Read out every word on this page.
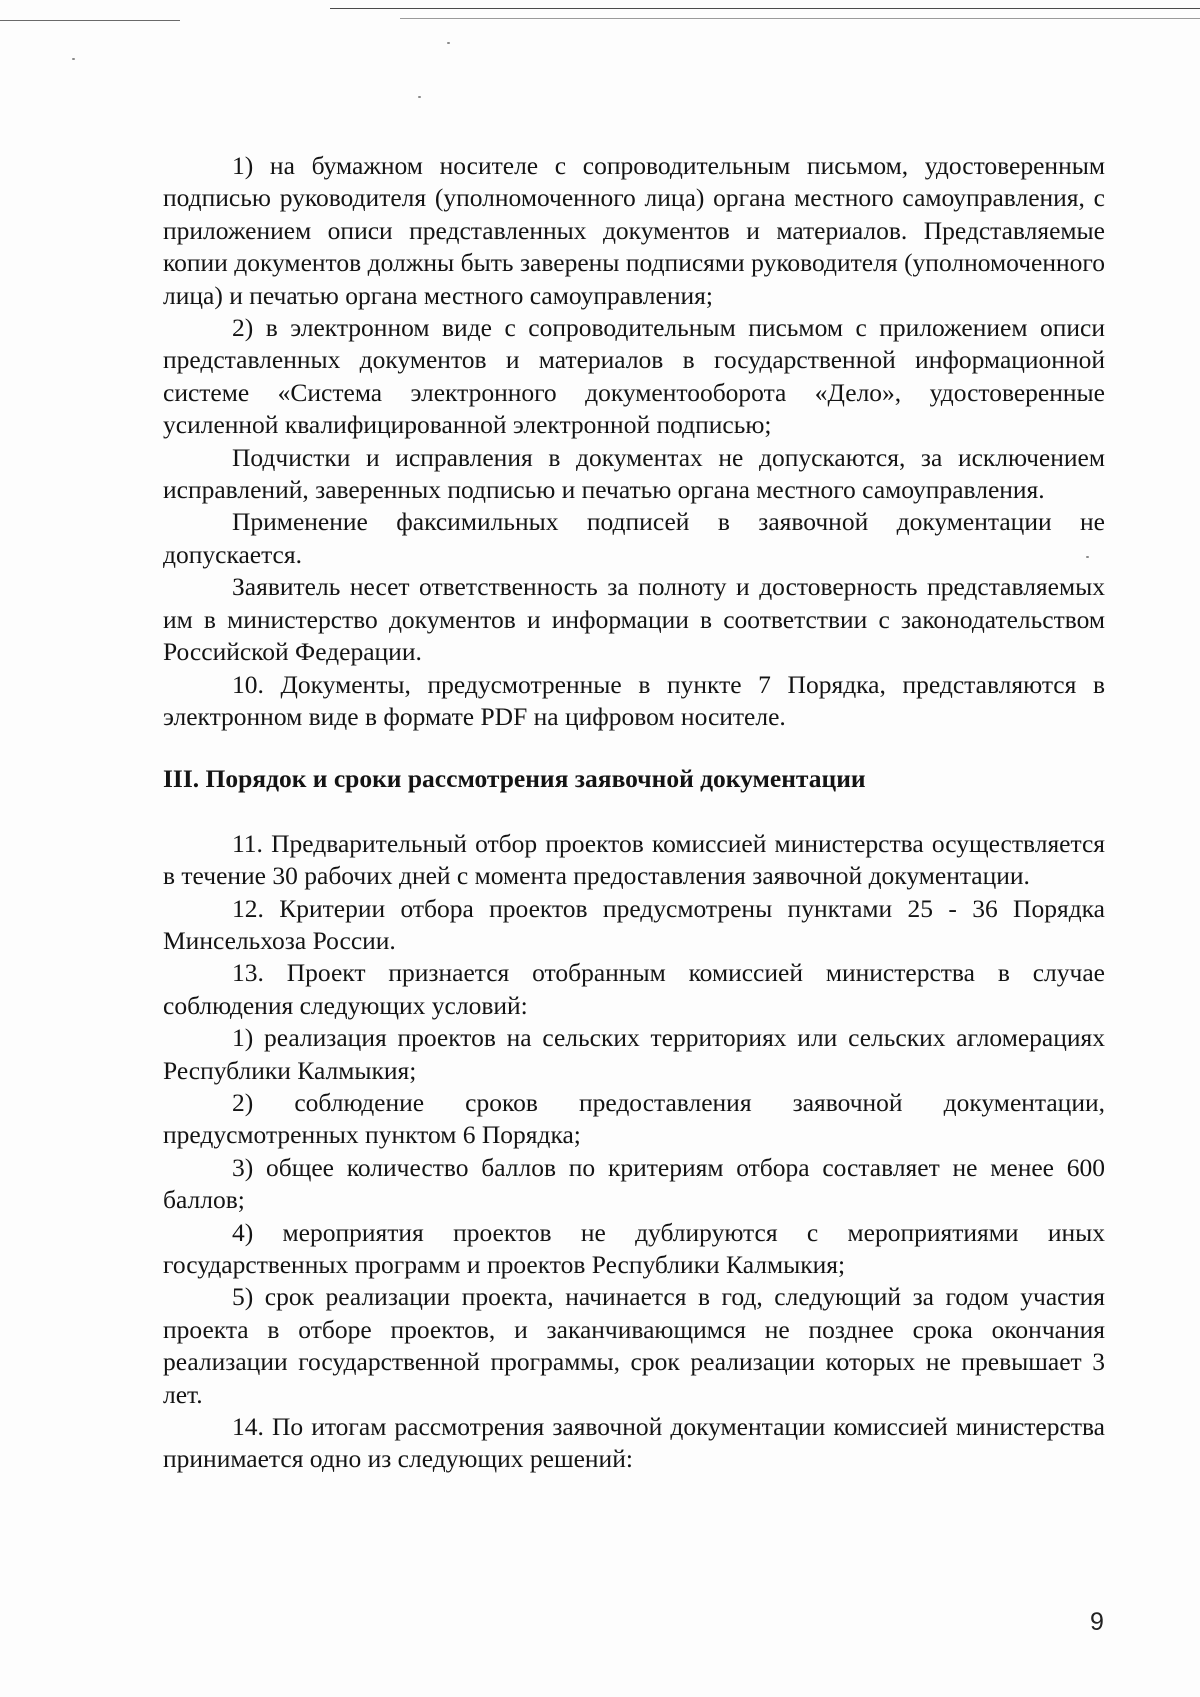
1) на бумажном носителе с сопроводительным письмом, удостоверенным подписью руководителя (уполномоченного лица) органа местного самоуправления, с приложением описи представленных документов и материалов. Представляемые копии документов должны быть заверены подписями руководителя (уполномоченного лица) и печатью органа местного самоуправления;

2) в электронном виде с сопроводительным письмом с приложением описи представленных документов и материалов в государственной информационной системе «Система электронного документооборота «Дело», удостоверенные усиленной квалифицированной электронной подписью;

Подчистки и исправления в документах не допускаются, за исключением исправлений, заверенных подписью и печатью органа местного самоуправления.

Применение факсимильных подписей в заявочной документации не допускается.

Заявитель несет ответственность за полноту и достоверность представляемых им в министерство документов и информации в соответствии с законодательством Российской Федерации.

10. Документы, предусмотренные в пункте 7 Порядка, представляются в электронном виде в формате PDF на цифровом носителе.

III. Порядок и сроки рассмотрения заявочной документации

11. Предварительный отбор проектов комиссией министерства осуществляется в течение 30 рабочих дней с момента предоставления заявочной документации.

12. Критерии отбора проектов предусмотрены пунктами 25 - 36 Порядка Минсельхоза России.

13. Проект признается отобранным комиссией министерства в случае соблюдения следующих условий:

1) реализация проектов на сельских территориях или сельских агломерациях Республики Калмыкия;

2) соблюдение сроков предоставления заявочной документации, предусмотренных пунктом 6 Порядка;

3) общее количество баллов по критериям отбора составляет не менее 600 баллов;

4) мероприятия проектов не дублируются с мероприятиями иных государственных программ и проектов Республики Калмыкия;

5) срок реализации проекта, начинается в год, следующий за годом участия проекта в отборе проектов, и заканчивающимся не позднее срока окончания реализации государственной программы, срок реализации которых не превышает 3 лет.

14. По итогам рассмотрения заявочной документации комиссией министерства принимается одно из следующих решений:

9
